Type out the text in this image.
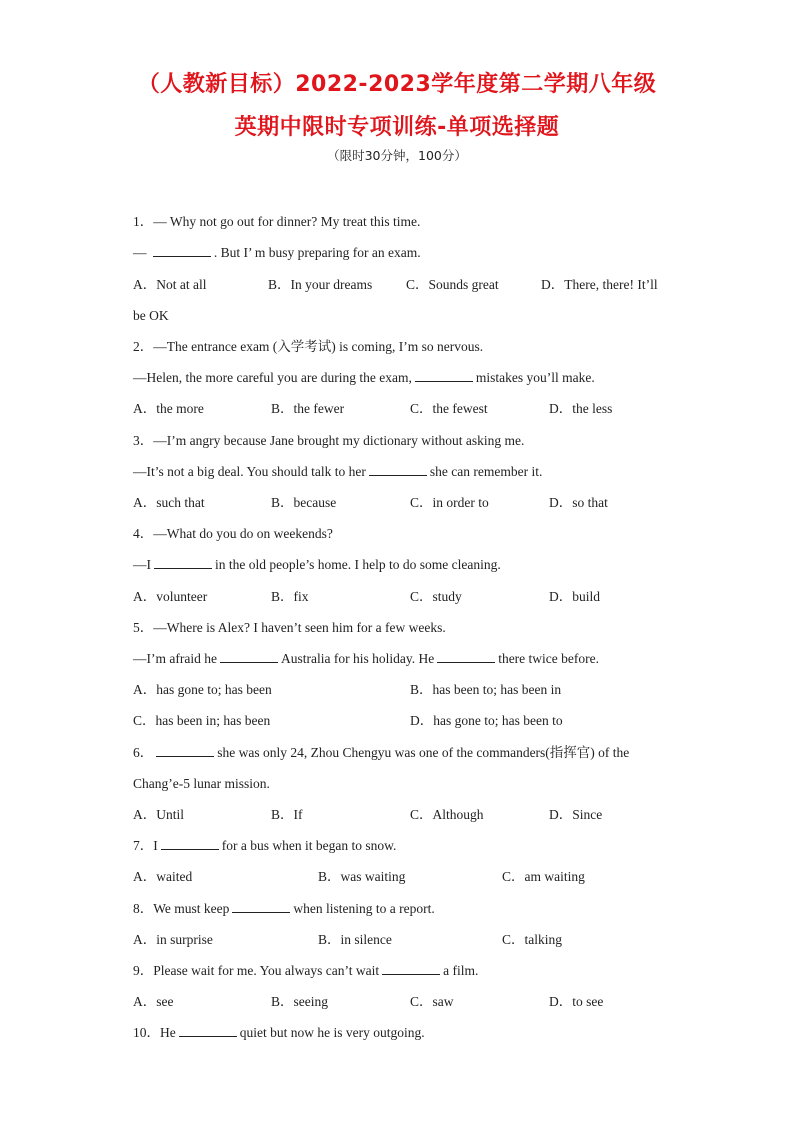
（人教新目标）2022-2023学年度第二学期八年级
英期中限时专项训练-单项选择题
（限时30分钟，100分）
1．— Why not go out for dinner? My treat this time.
—	. But I’ m busy preparing for an exam.
A．Not at all	B．In your dreams	C．Sounds great	D．There, there! It’ll
be OK
2．—The entrance exam (入学考试) is coming, I’m so nervous.
—Helen, the more careful you are during the exam,	mistakes you’ll make.
A．the more	B．the fewer	C．the fewest	D．the less
3．—I’m angry because Jane brought my dictionary without asking me.
—It’s not a big deal. You should talk to her	she can remember it.
A．such that	B．because	C．in order to	D．so that
4．—What do you do on weekends?
—I	in the old people’s home. I help to do some cleaning.
A．volunteer	B．fix	C．study	D．build
5．—Where is Alex? I haven’t seen him for a few weeks.
—I’m afraid he	Australia for his holiday. He	there twice before.
A．has gone to; has been	B．has been to; has been in
C．has been in; has been	D．has gone to; has been to
6．	she was only 24, Zhou Chengyu was one of the commanders(指挥官) of the
Chang’e-5 lunar mission.
A．Until	B．If	C．Although	D．Since
7．I	for a bus when it began to snow.
A．waited	B．was waiting	C．am waiting
8．We must keep	when listening to a report.
A．in surprise	B．in silence	C．talking
9．Please wait for me. You always can’t wait	a film.
A．see	B．seeing	C．saw	D．to see
10．He	quiet but now he is very outgoing.
